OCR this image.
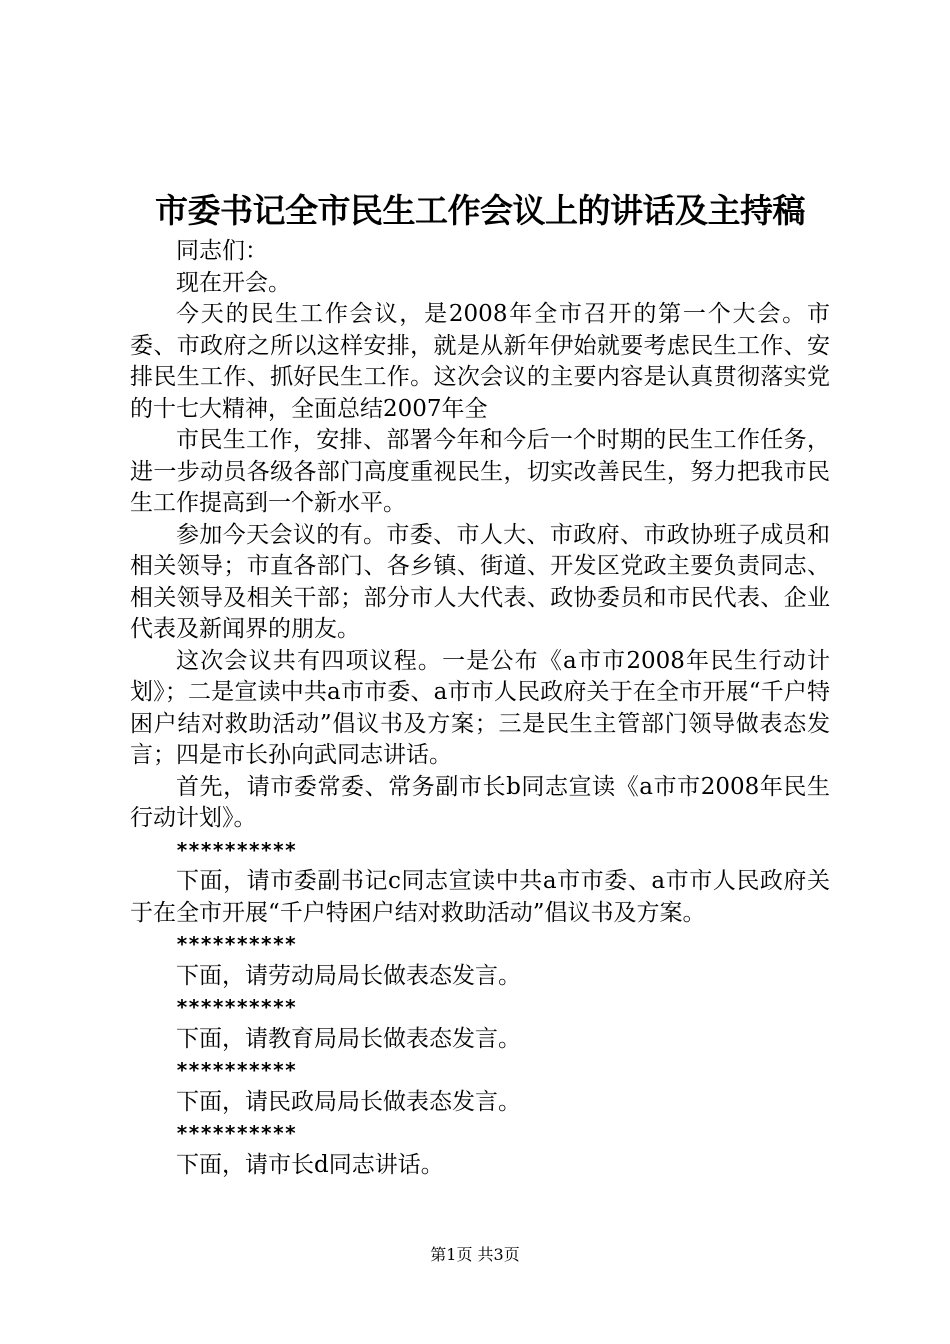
市委书记全市民生工作会议上的讲话及主持稿

同志们：

现在开会。

今天的民生工作会议，是2008年全市召开的第一个大会。市委、市政府之所以这样安排，就是从新年伊始就要考虑民生工作、安排民生工作、抓好民生工作。这次会议的主要内容是认真贯彻落实党的十七大精神，全面总结2007年全

市民生工作，安排、部署今年和今后一个时期的民生工作任务，进一步动员各级各部门高度重视民生，切实改善民生，努力把我市民生工作提高到一个新水平。

参加今天会议的有。市委、市人大、市政府、市政协班子成员和相关领导；市直各部门、各乡镇、街道、开发区党政主要负责同志、相关领导及相关干部；部分市人大代表、政协委员和市民代表、企业代表及新闻界的朋友。

这次会议共有四项议程。一是公布《a市市2008年民生行动计划》；二是宣读中共a市市委、a市市人民政府关于在全市开展“千户特困户结对救助活动”倡议书及方案；三是民生主管部门领导做表态发言；四是市长孙向武同志讲话。

首先，请市委常委、常务副市长b同志宣读《a市市2008年民生行动计划》。

**********

下面，请市委副书记c同志宣读中共a市市委、a市市人民政府关于在全市开展“千户特困户结对救助活动”倡议书及方案。

**********

下面，请劳动局局长做表态发言。

**********

下面，请教育局局长做表态发言。

**********

下面，请民政局局长做表态发言。

**********

下面，请市长d同志讲话。

第1页 共3页
